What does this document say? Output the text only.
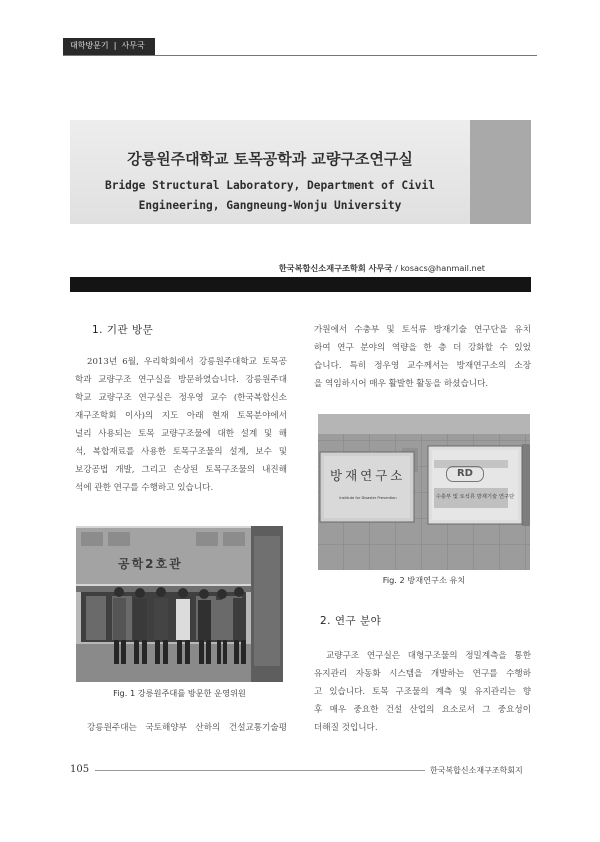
대학방문기  |  사무국
강릉원주대학교 토목공학과 교량구조연구실
Bridge Structural Laboratory, Department of Civil
Engineering, Gangneung-Wonju University
한국복합신소재구조학회 사무국 / kosacs@hanmail.net
1. 기관 방문
2013년 6월, 우리학회에서 강릉원주대학교 토목공
학과 교량구조 연구실을 방문하였습니다. 강릉원주대
학교 교량구조 연구실은 정우영 교수 (한국복합신소
재구조학회 이사)의 지도 아래 현재 토목분야에서
널리 사용되는 토목 교량구조물에 대한 설계 및 해
석, 복합재료를 사용한 토목구조물의 설계, 보수 및
보강공법 개발, 그리고 손상된 토목구조물의 내진해
석에 관한 연구를 수행하고 있습니다.
공학2호관
Fig. 1 강릉원주대를 방문한 운영위원
강릉원주대는 국토해양부 산하의 건설교통기술평
가원에서 수충부 및 토석류 방재기술 연구단을 유치
하여 연구 분야의 역량을 한 층 더 강화할 수 있었
습니다. 특히 정우영 교수께서는 방재연구소의 소장
을 역임하시어 매우 활발한 활동을 하셨습니다.
방재연구소
Institute for Disaster Prevention
RD
수충부 및 토석류 방재기술 연구단
Fig. 2 방재연구소 유치
2. 연구 분야
교량구조 연구실은 대형구조물의 정밀계측을 통한
유지관리 자동화 시스템을 개발하는 연구를 수행하
고 있습니다. 토목 구조물의 계측 및 유지관리는 향
후 매우 중요한 건설 산업의 요소로서 그 중요성이
더해질 것입니다.
105	한국복합신소재구조학회지
